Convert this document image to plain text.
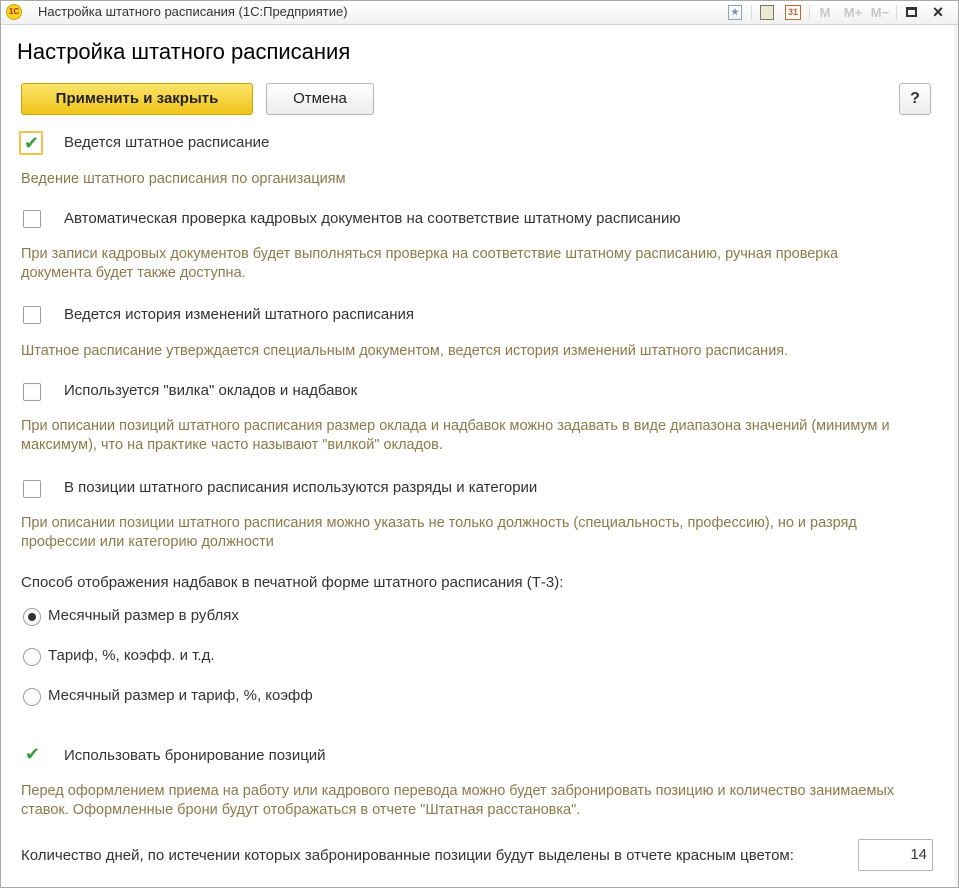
1С Настройка штатного расписания (1С:Предприятие)	★	31 M M+ M− ×
Настройка штатного расписания
Применить и закрыть	Отмена	?
✔ Ведется штатное расписание
Ведение штатного расписания по организациям
Автоматическая проверка кадровых документов на соответствие штатному расписанию
При записи кадровых документов будет выполняться проверка на соответствие штатному расписанию, ручная проверка документа будет также доступна.
Ведется история изменений штатного расписания
Штатное расписание утверждается специальным документом, ведется история изменений штатного расписания.
Используется "вилка" окладов и надбавок
При описании позиций штатного расписания размер оклада и надбавок можно задавать в виде диапазона значений (минимум и максимум), что на практике часто называют "вилкой" окладов.
В позиции штатного расписания используются разряды и категории
При описании позиции штатного расписания можно указать не только должность (специальность, профессию), но и разряд профессии или категорию должности
Способ отображения надбавок в печатной форме штатного расписания (Т-3):
Месячный размер в рублях
Тариф, %, коэфф. и т.д.
Месячный размер и тариф, %, коэфф
✔ Использовать бронирование позиций
Перед оформлением приема на работу или кадрового перевода можно будет забронировать позицию и количество занимаемых ставок. Оформленные брони будут отображаться в отчете "Штатная расстановка".
Количество дней, по истечении которых забронированные позиции будут выделены в отчете красным цветом:	14
